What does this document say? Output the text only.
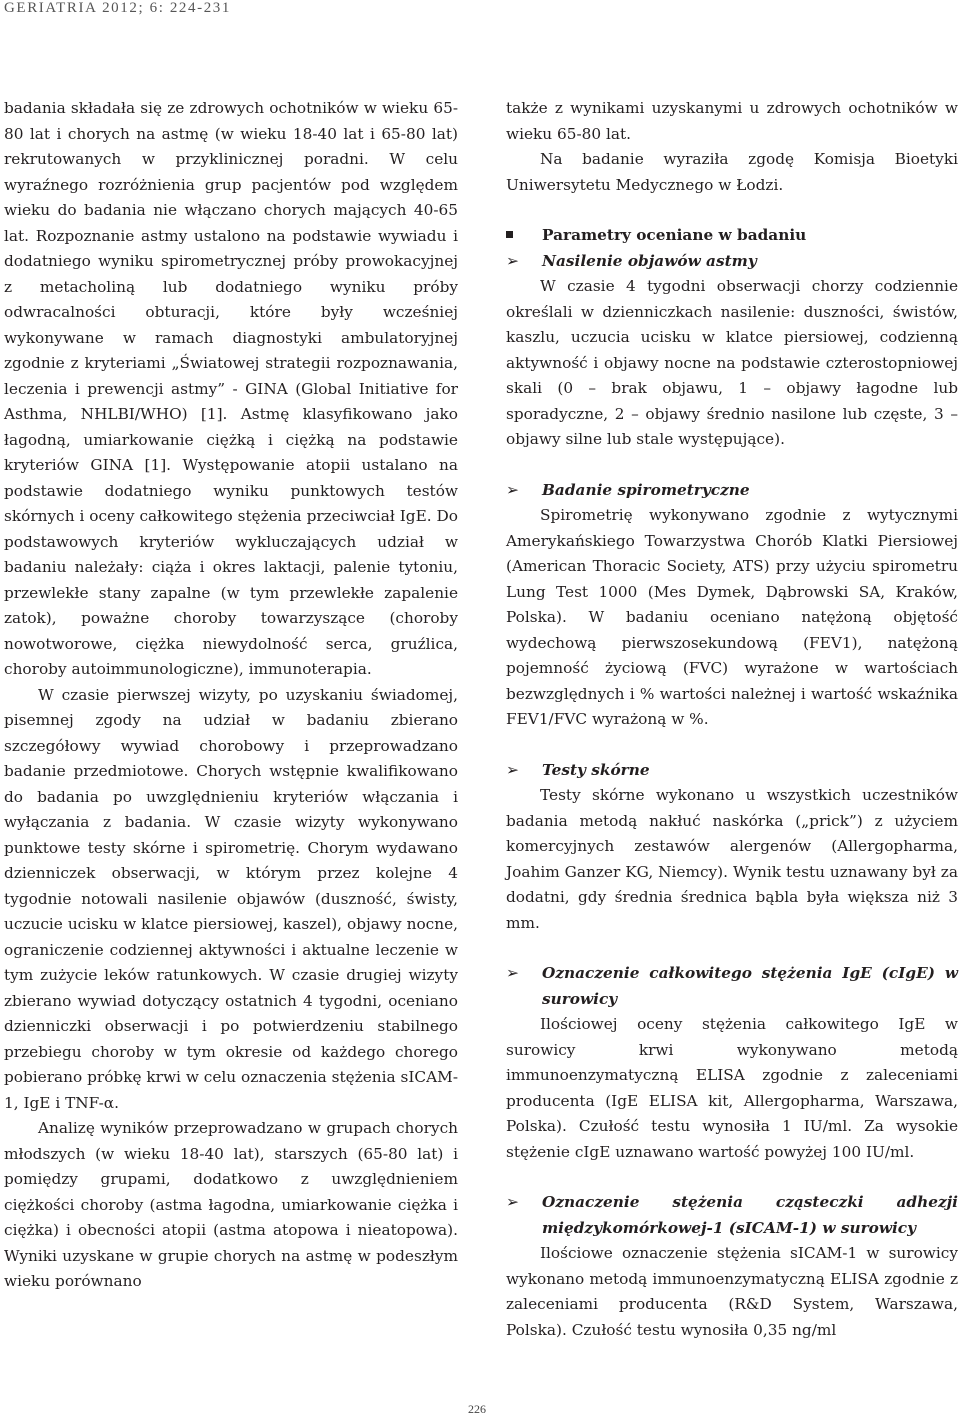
GERIATRIA 2012; 6: 224-231

badania składała się ze zdrowych ochotników w wieku 65-80 lat i chorych na astmę (w wieku 18-40 lat i 65-80 lat) rekrutowanych w przyklinicznej poradni. W celu wyraźnego rozróżnienia grup pacjentów pod względem wieku do badania nie włączano chorych mających 40-65 lat. Rozpoznanie astmy ustalono na podstawie wywiadu i dodatniego wyniku spirometrycznej próby prowokacyjnej z metacholiną lub dodatniego wyniku próby odwracalności obturacji, które były wcześniej wykonywane w ramach diagnostyki ambulatoryjnej zgodnie z kryteriami „Światowej strategii rozpoznawania, leczenia i prewencji astmy” - GINA (Global Initiative for Asthma, NHLBI/WHO) [1]. Astmę klasyfikowano jako łagodną, umiarkowanie ciężką i ciężką na podstawie kryteriów GINA [1]. Występowanie atopii ustalano na podstawie dodatniego wyniku punktowych testów skórnych i oceny całkowitego stężenia przeciwciał IgE. Do podstawowych kryteriów wykluczających udział w badaniu należały: ciąża i okres laktacji, palenie tytoniu, przewlekłe stany zapalne (w tym przewlekłe zapalenie zatok), poważne choroby towarzyszące (choroby nowotworowe, ciężka niewydolność serca, gruźlica, choroby autoimmunologiczne), immunoterapia.

W czasie pierwszej wizyty, po uzyskaniu świadomej, pisemnej zgody na udział w badaniu zbierano szczegółowy wywiad chorobowy i przeprowadzano badanie przedmiotowe. Chorych wstępnie kwalifikowano do badania po uwzględnieniu kryteriów włączania i wyłączania z badania. W czasie wizyty wykonywano punktowe testy skórne i spirometrię. Chorym wydawano dzienniczek obserwacji, w którym przez kolejne 4 tygodnie notowali nasilenie objawów (duszność, świsty, uczucie ucisku w klatce piersiowej, kaszel), objawy nocne, ograniczenie codziennej aktywności i aktualne leczenie w tym zużycie leków ratunkowych. W czasie drugiej wizyty zbierano wywiad dotyczący ostatnich 4 tygodni, oceniano dzienniczki obserwacji i po potwierdzeniu stabilnego przebiegu choroby w tym okresie od każdego chorego pobierano próbkę krwi w celu oznaczenia stężenia sICAM-1, IgE i TNF-α.

Analizę wyników przeprowadzano w grupach chorych młodszych (w wieku 18-40 lat), starszych (65-80 lat) i pomiędzy grupami, dodatkowo z uwzględnieniem ciężkości choroby (astma łagodna, umiarkowanie ciężka i ciężka) i obecności atopii (astma atopowa i nieatopowa). Wyniki uzyskane w grupie chorych na astmę w podeszłym wieku porównano

także z wynikami uzyskanymi u zdrowych ochotników w wieku 65-80 lat.

Na badanie wyraziła zgodę Komisja Bioetyki Uniwersytetu Medycznego w Łodzi.

Parametry oceniane w badaniu

➢	Nasilenie objawów astmy

W czasie 4 tygodni obserwacji chorzy codziennie określali w dzienniczkach nasilenie: duszności, świstów, kaszlu, uczucia ucisku w klatce piersiowej, codzienną aktywność i objawy nocne na podstawie czterostopniowej skali (0 – brak objawu, 1 – objawy łagodne lub sporadyczne, 2 – objawy średnio nasilone lub częste, 3 – objawy silne lub stale występujące).

➢	Badanie spirometryczne

Spirometrię wykonywano zgodnie z wytycznymi Amerykańskiego Towarzystwa Chorób Klatki Piersiowej (American Thoracic Society, ATS) przy użyciu spirometru Lung Test 1000 (Mes Dymek, Dąbrowski SA, Kraków, Polska). W badaniu oceniano natężoną objętość wydechową pierwszosekundową (FEV1), natężoną pojemność życiową (FVC) wyrażone w wartościach bezwzględnych i % wartości należnej i wartość wskaźnika FEV1/FVC wyrażoną w %.

➢	Testy skórne

Testy skórne wykonano u wszystkich uczestników badania metodą nakłuć naskórka („prick”) z użyciem komercyjnych zestawów alergenów (Allergopharma, Joahim Ganzer KG, Niemcy). Wynik testu uznawany był za dodatni, gdy średnia średnica bąbla była większa niż 3 mm.

➢	Oznaczenie całkowitego stężenia IgE (cIgE) w surowicy

Ilościowej oceny stężenia całkowitego IgE w surowicy krwi wykonywano metodą immunoenzymatyczną ELISA zgodnie z zaleceniami producenta (IgE ELISA kit, Allergopharma, Warszawa, Polska). Czułość testu wynosiła 1 IU/ml. Za wysokie stężenie cIgE uznawano wartość powyżej 100 IU/ml.

➢	Oznaczenie stężenia cząsteczki adhezji międzykomórkowej-1 (sICAM-1) w surowicy

Ilościowe oznaczenie stężenia sICAM-1 w surowicy wykonano metodą immunoenzymatyczną ELISA zgodnie z zaleceniami producenta (R&D System, Warszawa, Polska). Czułość testu wynosiła 0,35 ng/ml

226
